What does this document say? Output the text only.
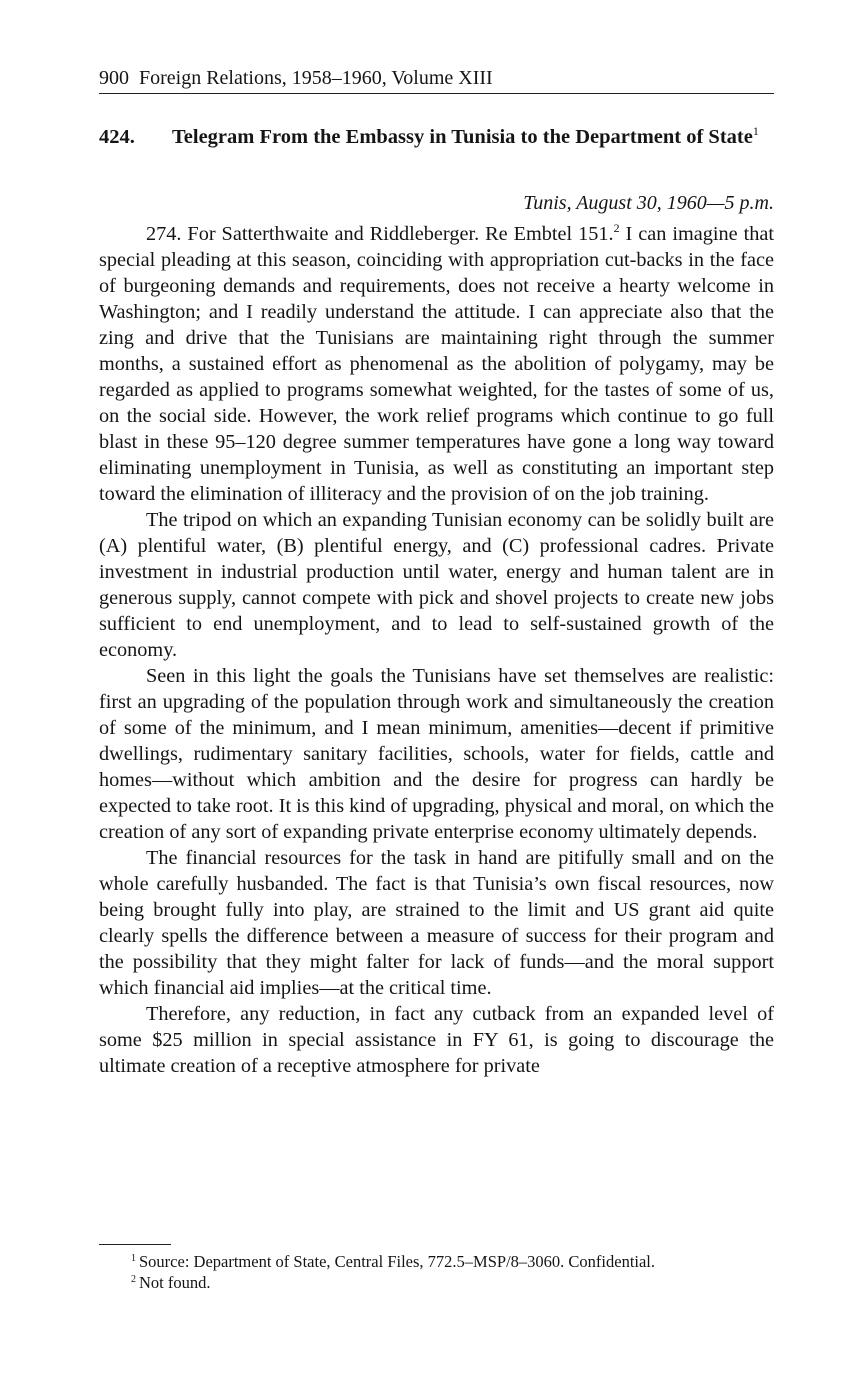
900 Foreign Relations, 1958–1960, Volume XIII
424.	Telegram From the Embassy in Tunisia to the Department of State$^1$
Tunis, August 30, 1960—5 p.m.

274. For Satterthwaite and Riddleberger. Re Embtel 151.$^2$ I can imagine that special pleading at this season, coinciding with appropriation cut-backs in the face of burgeoning demands and requirements, does not receive a hearty welcome in Washington; and I readily understand the attitude. I can appreciate also that the zing and drive that the Tunisians are maintaining right through the summer months, a sustained effort as phenomenal as the abolition of polygamy, may be regarded as applied to programs somewhat weighted, for the tastes of some of us, on the social side. However, the work relief programs which continue to go full blast in these 95–120 degree summer temperatures have gone a long way toward eliminating unemployment in Tunisia, as well as constituting an important step toward the elimination of illiteracy and the provision of on the job training.

The tripod on which an expanding Tunisian economy can be solidly built are (A) plentiful water, (B) plentiful energy, and (C) professional cadres. Private investment in industrial production until water, energy and human talent are in generous supply, cannot compete with pick and shovel projects to create new jobs sufficient to end unemployment, and to lead to self-sustained growth of the economy.

Seen in this light the goals the Tunisians have set themselves are realistic: first an upgrading of the population through work and simultaneously the creation of some of the minimum, and I mean minimum, amenities—decent if primitive dwellings, rudimentary sanitary facilities, schools, water for fields, cattle and homes—without which ambition and the desire for progress can hardly be expected to take root. It is this kind of upgrading, physical and moral, on which the creation of any sort of expanding private enterprise economy ultimately depends.

The financial resources for the task in hand are pitifully small and on the whole carefully husbanded. The fact is that Tunisia’s own fiscal resources, now being brought fully into play, are strained to the limit and US grant aid quite clearly spells the difference between a measure of success for their program and the possibility that they might falter for lack of funds—and the moral support which financial aid implies—at the critical time.

Therefore, any reduction, in fact any cutback from an expanded level of some $25 million in special assistance in FY 61, is going to discourage the ultimate creation of a receptive atmosphere for private

$^1$ Source: Department of State, Central Files, 772.5–MSP/8–3060. Confidential.
$^2$ Not found.
